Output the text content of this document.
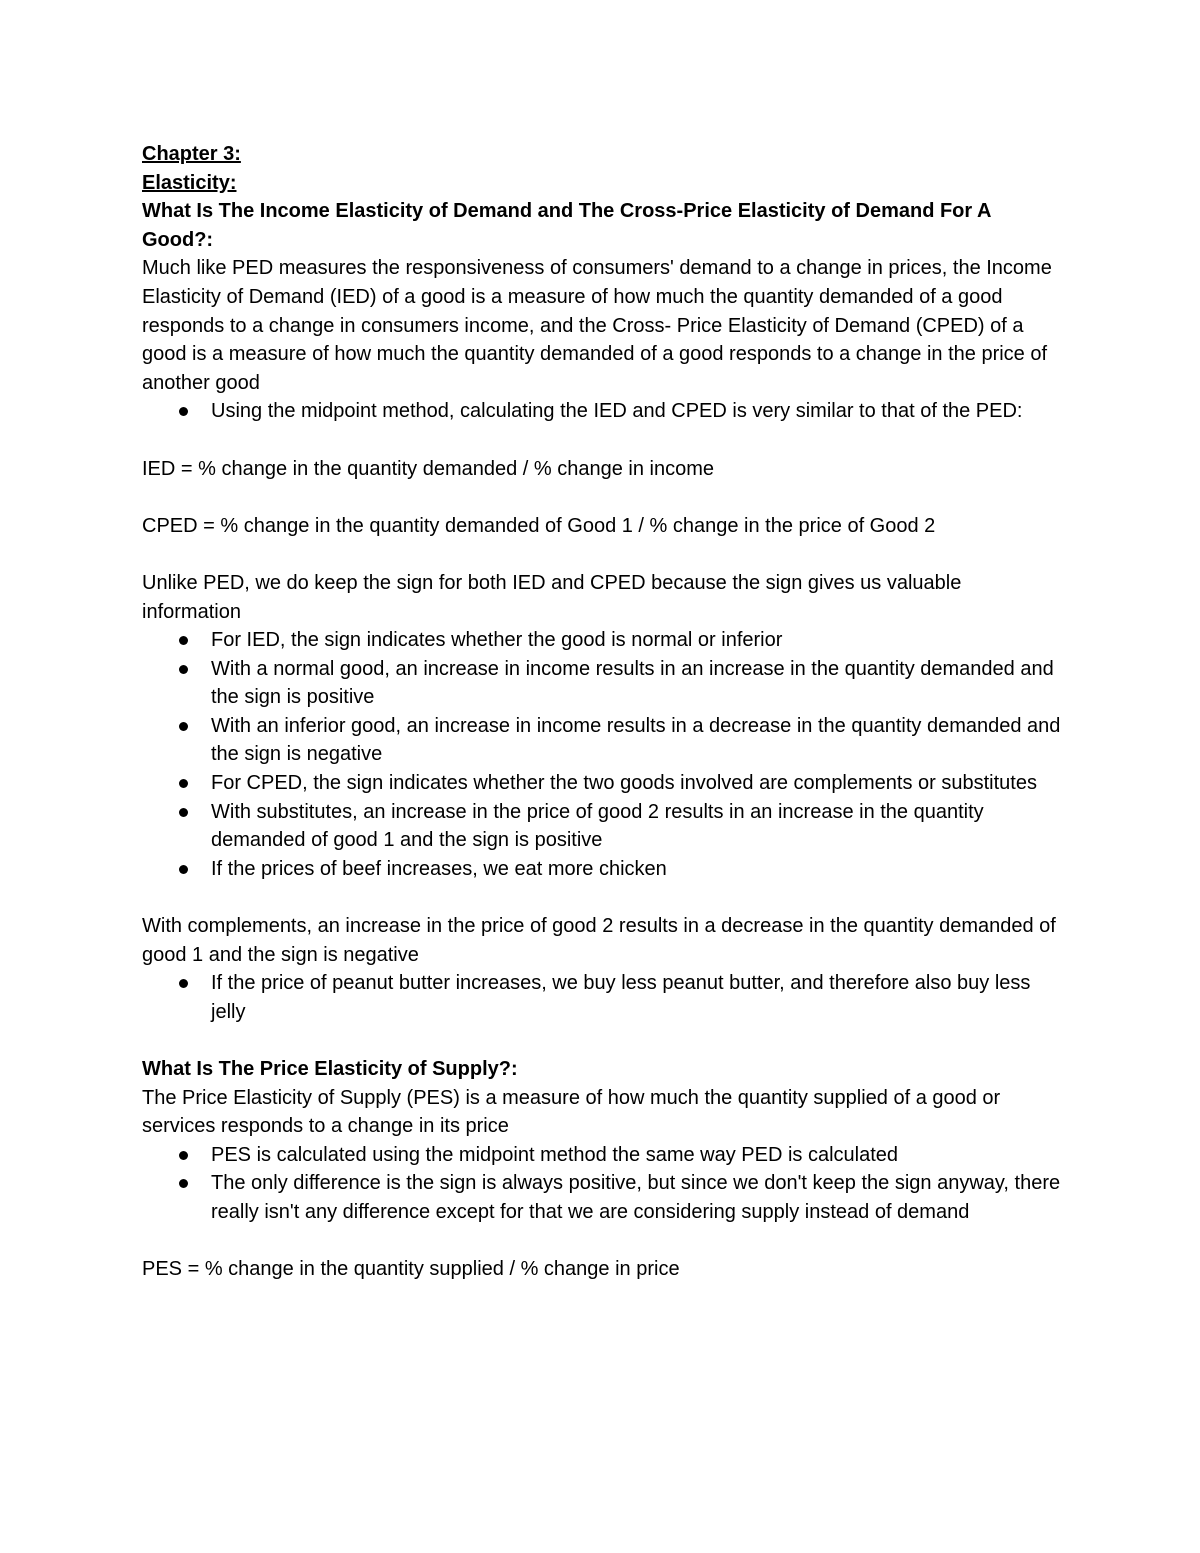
Chapter 3:

Elasticity:

What Is The Income Elasticity of Demand and The Cross-Price Elasticity of Demand For A Good?:

Much like PED measures the responsiveness of consumers' demand to a change in prices, the Income Elasticity of Demand (IED) of a good is a measure of how much the quantity demanded of a good responds to a change in consumers income, and the Cross- Price Elasticity of Demand (CPED) of a good is a measure of how much the quantity demanded of a good responds to a change in the price of another good

Using the midpoint method, calculating the IED and CPED is very similar to that of the PED:

IED = % change in the quantity demanded / % change in income

CPED = % change in the quantity demanded of Good 1 / % change in the price of Good 2

Unlike PED, we do keep the sign for both IED and CPED because the sign gives us valuable information

For IED, the sign indicates whether the good is normal or inferior
With a normal good, an increase in income results in an increase in the quantity demanded and the sign is positive
With an inferior good, an increase in income results in a decrease in the quantity demanded and the sign is negative
For CPED, the sign indicates whether the two goods involved are complements or substitutes
With substitutes, an increase in the price of good 2 results in an increase in the quantity demanded of good 1 and the sign is positive
If the prices of beef increases, we eat more chicken

With complements, an increase in the price of good 2 results in a decrease in the quantity demanded of good 1 and the sign is negative

If the price of peanut butter increases, we buy less peanut butter, and therefore also buy less jelly

What Is The Price Elasticity of Supply?:

The Price Elasticity of Supply (PES) is a measure of how much the quantity supplied of a good or services responds to a change in its price

PES is calculated using the midpoint method the same way PED is calculated
The only difference is the sign is always positive, but since we don't keep the sign anyway, there really isn't any difference except for that we are considering supply instead of demand

PES = % change in the quantity supplied / % change in price
